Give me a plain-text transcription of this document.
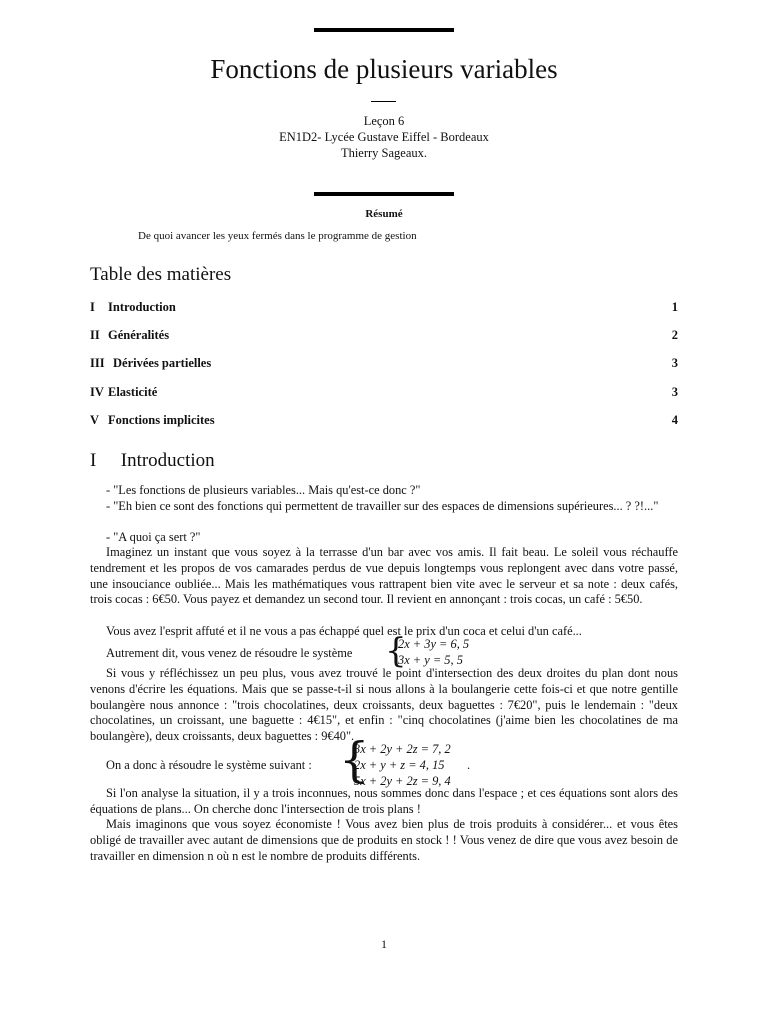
Fonctions de plusieurs variables
Leçon 6
EN1D2- Lycée Gustave Eiffel - Bordeaux
Thierry Sageaux.
Résumé
De quoi avancer les yeux fermés dans le programme de gestion
Table des matières
I Introduction	1
II Généralités	2
III Dérivées partielles	3
IV Elasticité	3
V Fonctions implicites	4
I Introduction
- "Les fonctions de plusieurs variables... Mais qu'est-ce donc ?"
- "Eh bien ce sont des fonctions qui permettent de travailler sur des espaces de dimensions supérieures... ? ?!..."
- "A quoi ça sert ?"
Imaginez un instant que vous soyez à la terrasse d'un bar avec vos amis. Il fait beau. Le soleil vous réchauffe tendrement et les propos de vos camarades perdus de vue depuis longtemps vous replongent avec dans votre passé, une insouciance oubliée... Mais les mathématiques vous rattrapent bien vite avec le serveur et sa note : deux cafés, trois cocas : 6€50. Vous payez et demandez un second tour. Il revient en annonçant : trois cocas, un café : 5€50.
Vous avez l'esprit affuté et il ne vous a pas échappé quel est le prix d'un coca et celui d'un café...
Autrement dit, vous venez de résoudre le système {
2x + 3y = 6, 5
3x + y = 5, 5
Si vous y réfléchissez un peu plus, vous avez trouvé le point d'intersection des deux droites du plan dont nous venons d'écrire les équations. Mais que se passe-t-il si nous allons à la boulangerie cette fois-ci et que notre gentille boulangère nous annonce : "trois chocolatines, deux croissants, deux baguettes : 7€20", puis le lendemain : "deux chocolatines, un croissant, une baguette : 4€15", et enfin : "cinq chocolatines (j'aime bien les chocolatines de ma boulangère), deux croissants, deux baguettes : 9€40".
On a donc à résoudre le système suivant : {
3x + 2y + 2z = 7, 2
2x + y + z = 4, 15
5x + 2y + 2z = 9, 4
.
Si l'on analyse la situation, il y a trois inconnues, nous sommes donc dans l'espace ; et ces équations sont alors des équations de plans... On cherche donc l'intersection de trois plans !
Mais imaginons que vous soyez économiste ! Vous avez bien plus de trois produits à considérer... et vous êtes obligé de travailler avec autant de dimensions que de produits en stock ! ! Vous venez de dire que vous avez besoin de travailler en dimension n où n est le nombre de produits différents.
1
